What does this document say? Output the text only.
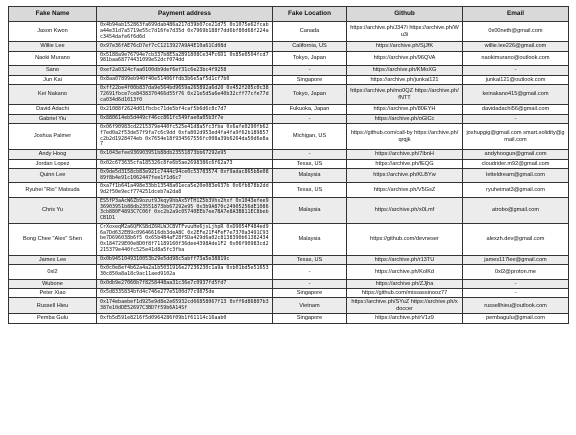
Fake Name	Payment address	Fake Location	Github	Email
Jason Kwon	0x4b94ab152863fa699dab486a217d39b07ce21d75 0x1075e62fcaba44e31d7a5719e55c7d16fe7d35d 0x7969b188f7dd6bf80d68f224ac3454dafe6f6d6d	Canada	https://archive.ph/J347i https://archive.ph/Wu3i	0x00neth@gmail.com
Willie Lee	0x97e36fAE76cD7ef7cC1213927A9A4E10a61Cd08d	California, US	https://archive.ph/SjJfK	willie.lee226@gmail.com
Naoki Murano	0x5188a9e76794e7cb337b8E5a2B91808Ce34Fc6D1 0x85e0504fcd7981baa68774431099e52dcf074dd	Tokyo, Japan	https://archive.ph/96QVA	naokimurano@outlook.com
Sano	0xef2a0324cfaa0100db9def6ef31c6e23bc4f9258	-	https://archive.ph/KMoXG	-
Jun Kai	0x8aa07899eb940f40e51406ffdb3b6e5af5d1cf7b0	Singapore	https://archive.ph/junkai121	junkai121@outlook.com
Kei Nakano	0xff22be4f00b837da9e564bd9659a265892a6d20 0x452f205c0c3872691fbce7ce8438370466d55f76 0x21e5d5a6e40b32cff77cfe77dca034d6d1013f0	Tokyo, Japan	https://archive.ph/mo0QZ https://archive.ph/fNTT	keinakano415@gmail.com
David Adachi	0x21088f2624d01fbcbc71de5bf4caf5b6d6c8c7d7	Fukuoka, Japan	https://archive.ph/80EYH	davidadachi56@gmail.com
Gabriel Yiu	0x880614eb5d449cf46cc861fc549fae0a05b3f7e	-	https://archive.ph/oGlCc	-
Joshua Palmer	0x06f90983cd2215379e440fc525e41d8a5fc3fba 0x6afe0290fb62f7ed0a2f53de57f9fa7c6c9dd 0xfa802d953ed4fa4fa9f62b189857c2b2d1928474eb 0x7654e18f934567556fc008a39b6264da50d6e8a7	Michigan, US	https://github.com/call-by https://archive.ph/qrqjk	joshupgig@gmail.com smart.solidity@gmail.com
Andy Hoog	0x1043efee936903951b88db23551873bb67292e95	-	https://archive.ph/7lbnH	andyhoogun@gmail.com
Jordan Lopez	0x02c673635cfa185326c8fe6b5ae2698386c6f62a73	Texas, US	https://archive.ph/fEQG	cloudrider.m92@gmail.com
Quinn Lee	0x9de5d3158cb83e921c7444c94ce0c53783574 0xf9adac865b8e0889f8b4e91c1062447fee1f1d6c7	Malaysia	https://archive.ph/KLBYw	letteldream@gmail.com
Ryuhei "Rio" Matsuda	0xa7f1b641a498e33bb13548a01eca5e20e083e637b 0x6fb878b2dd9d2f50e9ecf774251dceb7a2da8	Texas, US	https://archive.ph/V5GsZ	ryuheimat3@gmail.com
Chris Yu	ES5fP3aAcW6Zb9ozut9Jkqy9hbAx5YTH1Z5b3Vhs2hsf 0x1043efee936903951b88db23551873bb67292e95 0x3b9A870c24905256dE10863cb880F4893C7C06f 0xc2b2a9c05740EEb7ee7BA7e8A3B811EC8bebCB1D1	Malaysia	https://archive.ph/x0Lmf	atrobo@gmail.com
Bong Chee "Alex" Shen	CrXoxeqM2a6QFKSBdZ6RLWJCBVTFvuuHe6jsLjhpR 0xD9054F484ed96a7Dd632EB9c09646616db3deA8C 0x2EFe21F4FeF7e7370a3491C93be7D696038b6f5 0x65b4B4aF28f5Da429d6a02c8138390b61382434 0x184729E00e8D0f8f71189160f36dee4398Ade1F2 0x06f90983cd2215379e440fc525e41d8a5fc3fba	Malaysia	https://github.com/devneser	alexzh.dev@gmail.com
James Lee	0x0b9451049310053b29e5dd98c5abff73a5e38819c	Texas, US	https://archive.ph/r13TU	james117lee@gmail.com
0xl2	0x0c0e8ef4b62a4a2a1b5031916e27236230c1a9a 0xb01bd5e5165330c850a8a18c9ac11aed9102a	-	https://archive.ph/KolKd	0xl2@proton.me
Wubone	0x0db9e27060b7f8258448aa31c36e7c0937fd5fd7	-	https://archive.ph/ZJjha	-
Peter Xiao	0x5d8335834bfd4c746e277e5100d77c9875de	Singapore	https://github.com/missassinooz77	-
Russell Hieu	0x174ebaebef1d925e9d8e2e65932cd66858067f13 0xff6d86807b3387e10dDE52697C3BD7f59b6A14Sf	Vietnam	https://archive.ph/SYuZ https://archive.ph/xdoccer	russellhieu@outlook.com
Pemba Gulu	0xfb5d591e8216f5d0964286f09b1f61114c16aab0	Singapore	https://archive.ph/rV1z9	pembagulu@gmail.com
